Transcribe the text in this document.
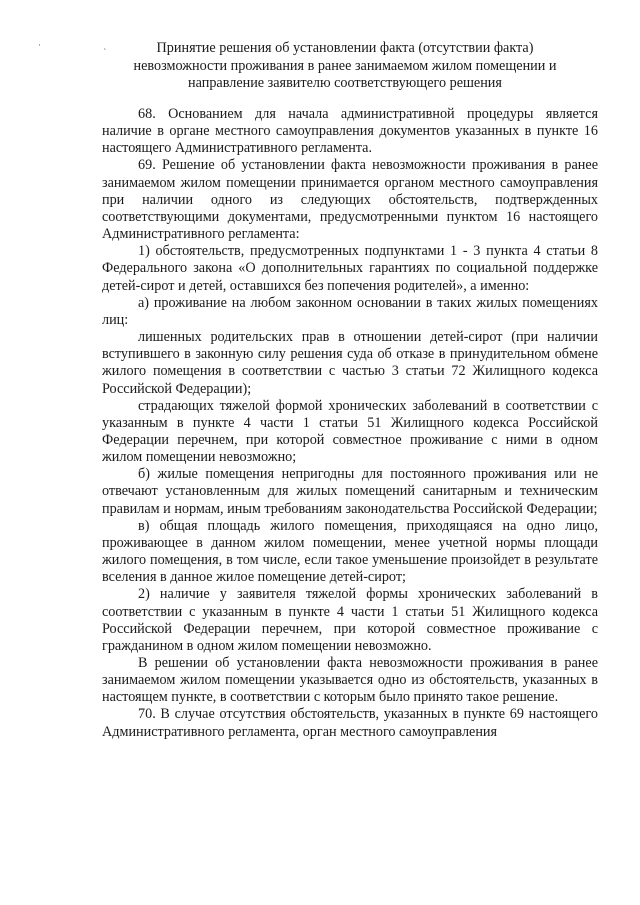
· ˎ	Принятие решения об установлении факта (отсутствии факта)
невозможности проживания в ранее занимаемом жилом помещении и
направление заявителю соответствующего решения

68. Основанием для начала административной процедуры является наличие в органе местного самоуправления документов указанных в пункте 16 настоящего Административного регламента.

69. Решение об установлении факта невозможности проживания в ранее занимаемом жилом помещении принимается органом местного самоуправления при наличии одного из следующих обстоятельств, подтвержденных соответствующими документами, предусмотренными пунктом 16 настоящего Административного регламента:

1) обстоятельств, предусмотренных подпунктами 1 - 3 пункта 4 статьи 8 Федерального закона «О дополнительных гарантиях по социальной поддержке детей-сирот и детей, оставшихся без попечения родителей», а именно:

а) проживание на любом законном основании в таких жилых помещениях лиц:

лишенных родительских прав в отношении детей-сирот (при наличии вступившего в законную силу решения суда об отказе в принудительном обмене жилого помещения в соответствии с частью 3 статьи 72 Жилищного кодекса Российской Федерации);

страдающих тяжелой формой хронических заболеваний в соответствии с указанным в пункте 4 части 1 статьи 51 Жилищного кодекса Российской Федерации перечнем, при которой совместное проживание с ними в одном жилом помещении невозможно;

б) жилые помещения непригодны для постоянного проживания или не отвечают установленным для жилых помещений санитарным и техническим правилам и нормам, иным требованиям законодательства Российской Федерации;

в) общая площадь жилого помещения, приходящаяся на одно лицо, проживающее в данном жилом помещении, менее учетной нормы площади жилого помещения, в том числе, если такое уменьшение произойдет в результате вселения в данное жилое помещение детей-сирот;

2) наличие у заявителя тяжелой формы хронических заболеваний в соответствии с указанным в пункте 4 части 1 статьи 51 Жилищного кодекса Российской Федерации перечнем, при которой совместное проживание с гражданином в одном жилом помещении невозможно.

В решении об установлении факта невозможности проживания в ранее занимаемом жилом помещении указывается одно из обстоятельств, указанных в настоящем пункте, в соответствии с которым было принято такое решение.

70. В случае отсутствия обстоятельств, указанных в пункте 69 настоящего Административного регламента, орган местного самоуправления
